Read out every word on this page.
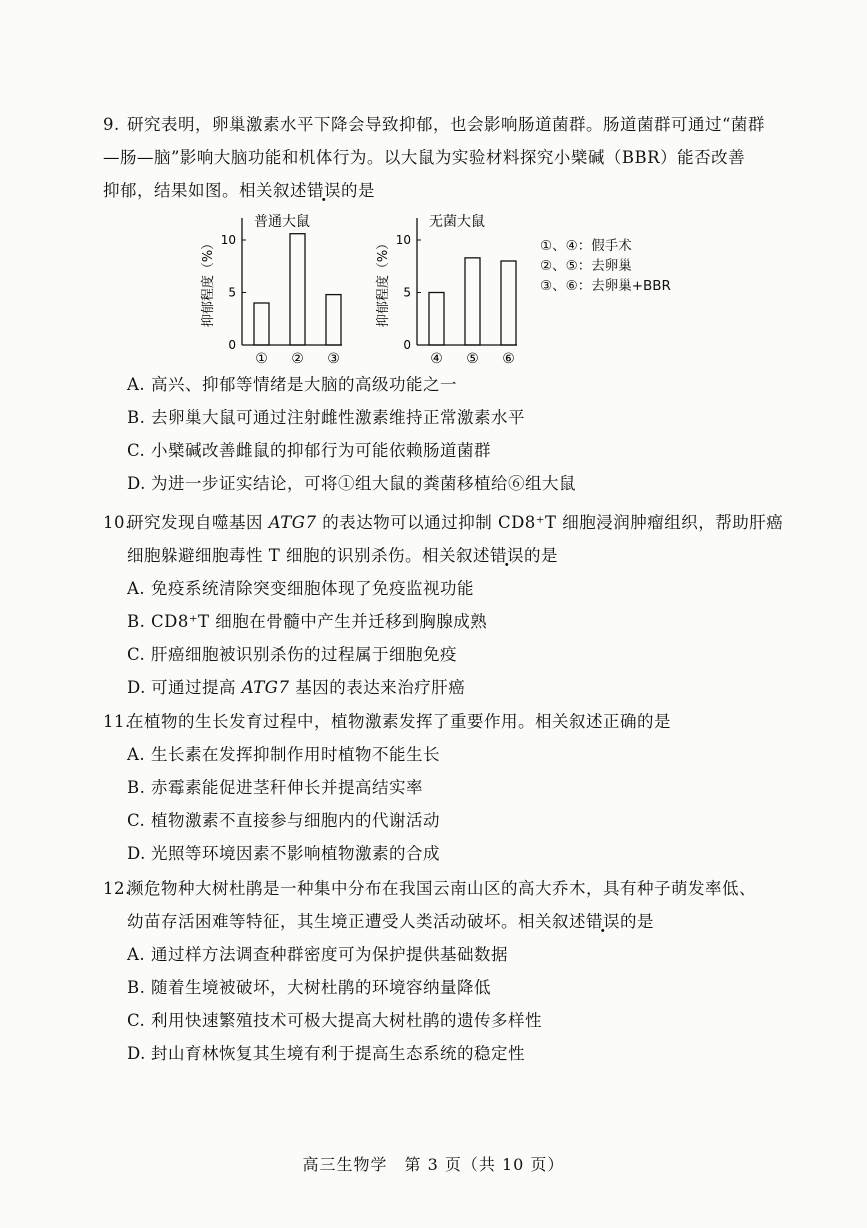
9. 研究表明，卵巢激素水平下降会导致抑郁，也会影响肠道菌群。肠道菌群可通过“菌群
—肠—脑”影响大脑功能和机体行为。以大鼠为实验材料探究小檗碱（BBR）能否改善
抑郁，结果如图。相关叙述错误的是
普通大鼠
0
5
10
抑郁程度（%）
① ② ③
无菌大鼠
0
5
10
抑郁程度（%）
④ ⑤ ⑥
①、④：假手术
②、⑤：去卵巢
③、⑥：去卵巢+BBR
A. 高兴、抑郁等情绪是大脑的高级功能之一
B. 去卵巢大鼠可通过注射雌性激素维持正常激素水平
C. 小檗碱改善雌鼠的抑郁行为可能依赖肠道菌群
D. 为进一步证实结论，可将①组大鼠的粪菌移植给⑥组大鼠
10.研究发现自噬基因 ATG7 的表达物可以通过抑制 CD8⁺T 细胞浸润肿瘤组织，帮助肝癌
细胞躲避细胞毒性 T 细胞的识别杀伤。相关叙述错误的是
A. 免疫系统清除突变细胞体现了免疫监视功能
B. CD8⁺T 细胞在骨髓中产生并迁移到胸腺成熟
C. 肝癌细胞被识别杀伤的过程属于细胞免疫
D. 可通过提高 ATG7 基因的表达来治疗肝癌
11.在植物的生长发育过程中，植物激素发挥了重要作用。相关叙述正确的是
A. 生长素在发挥抑制作用时植物不能生长
B. 赤霉素能促进茎秆伸长并提高结实率
C. 植物激素不直接参与细胞内的代谢活动
D. 光照等环境因素不影响植物激素的合成
12.濒危物种大树杜鹃是一种集中分布在我国云南山区的高大乔木，具有种子萌发率低、
幼苗存活困难等特征，其生境正遭受人类活动破坏。相关叙述错误的是
A. 通过样方法调查种群密度可为保护提供基础数据
B. 随着生境被破坏，大树杜鹃的环境容纳量降低
C. 利用快速繁殖技术可极大提高大树杜鹃的遗传多样性
D. 封山育林恢复其生境有利于提高生态系统的稳定性
高三生物学　第 3 页（共 10 页）
